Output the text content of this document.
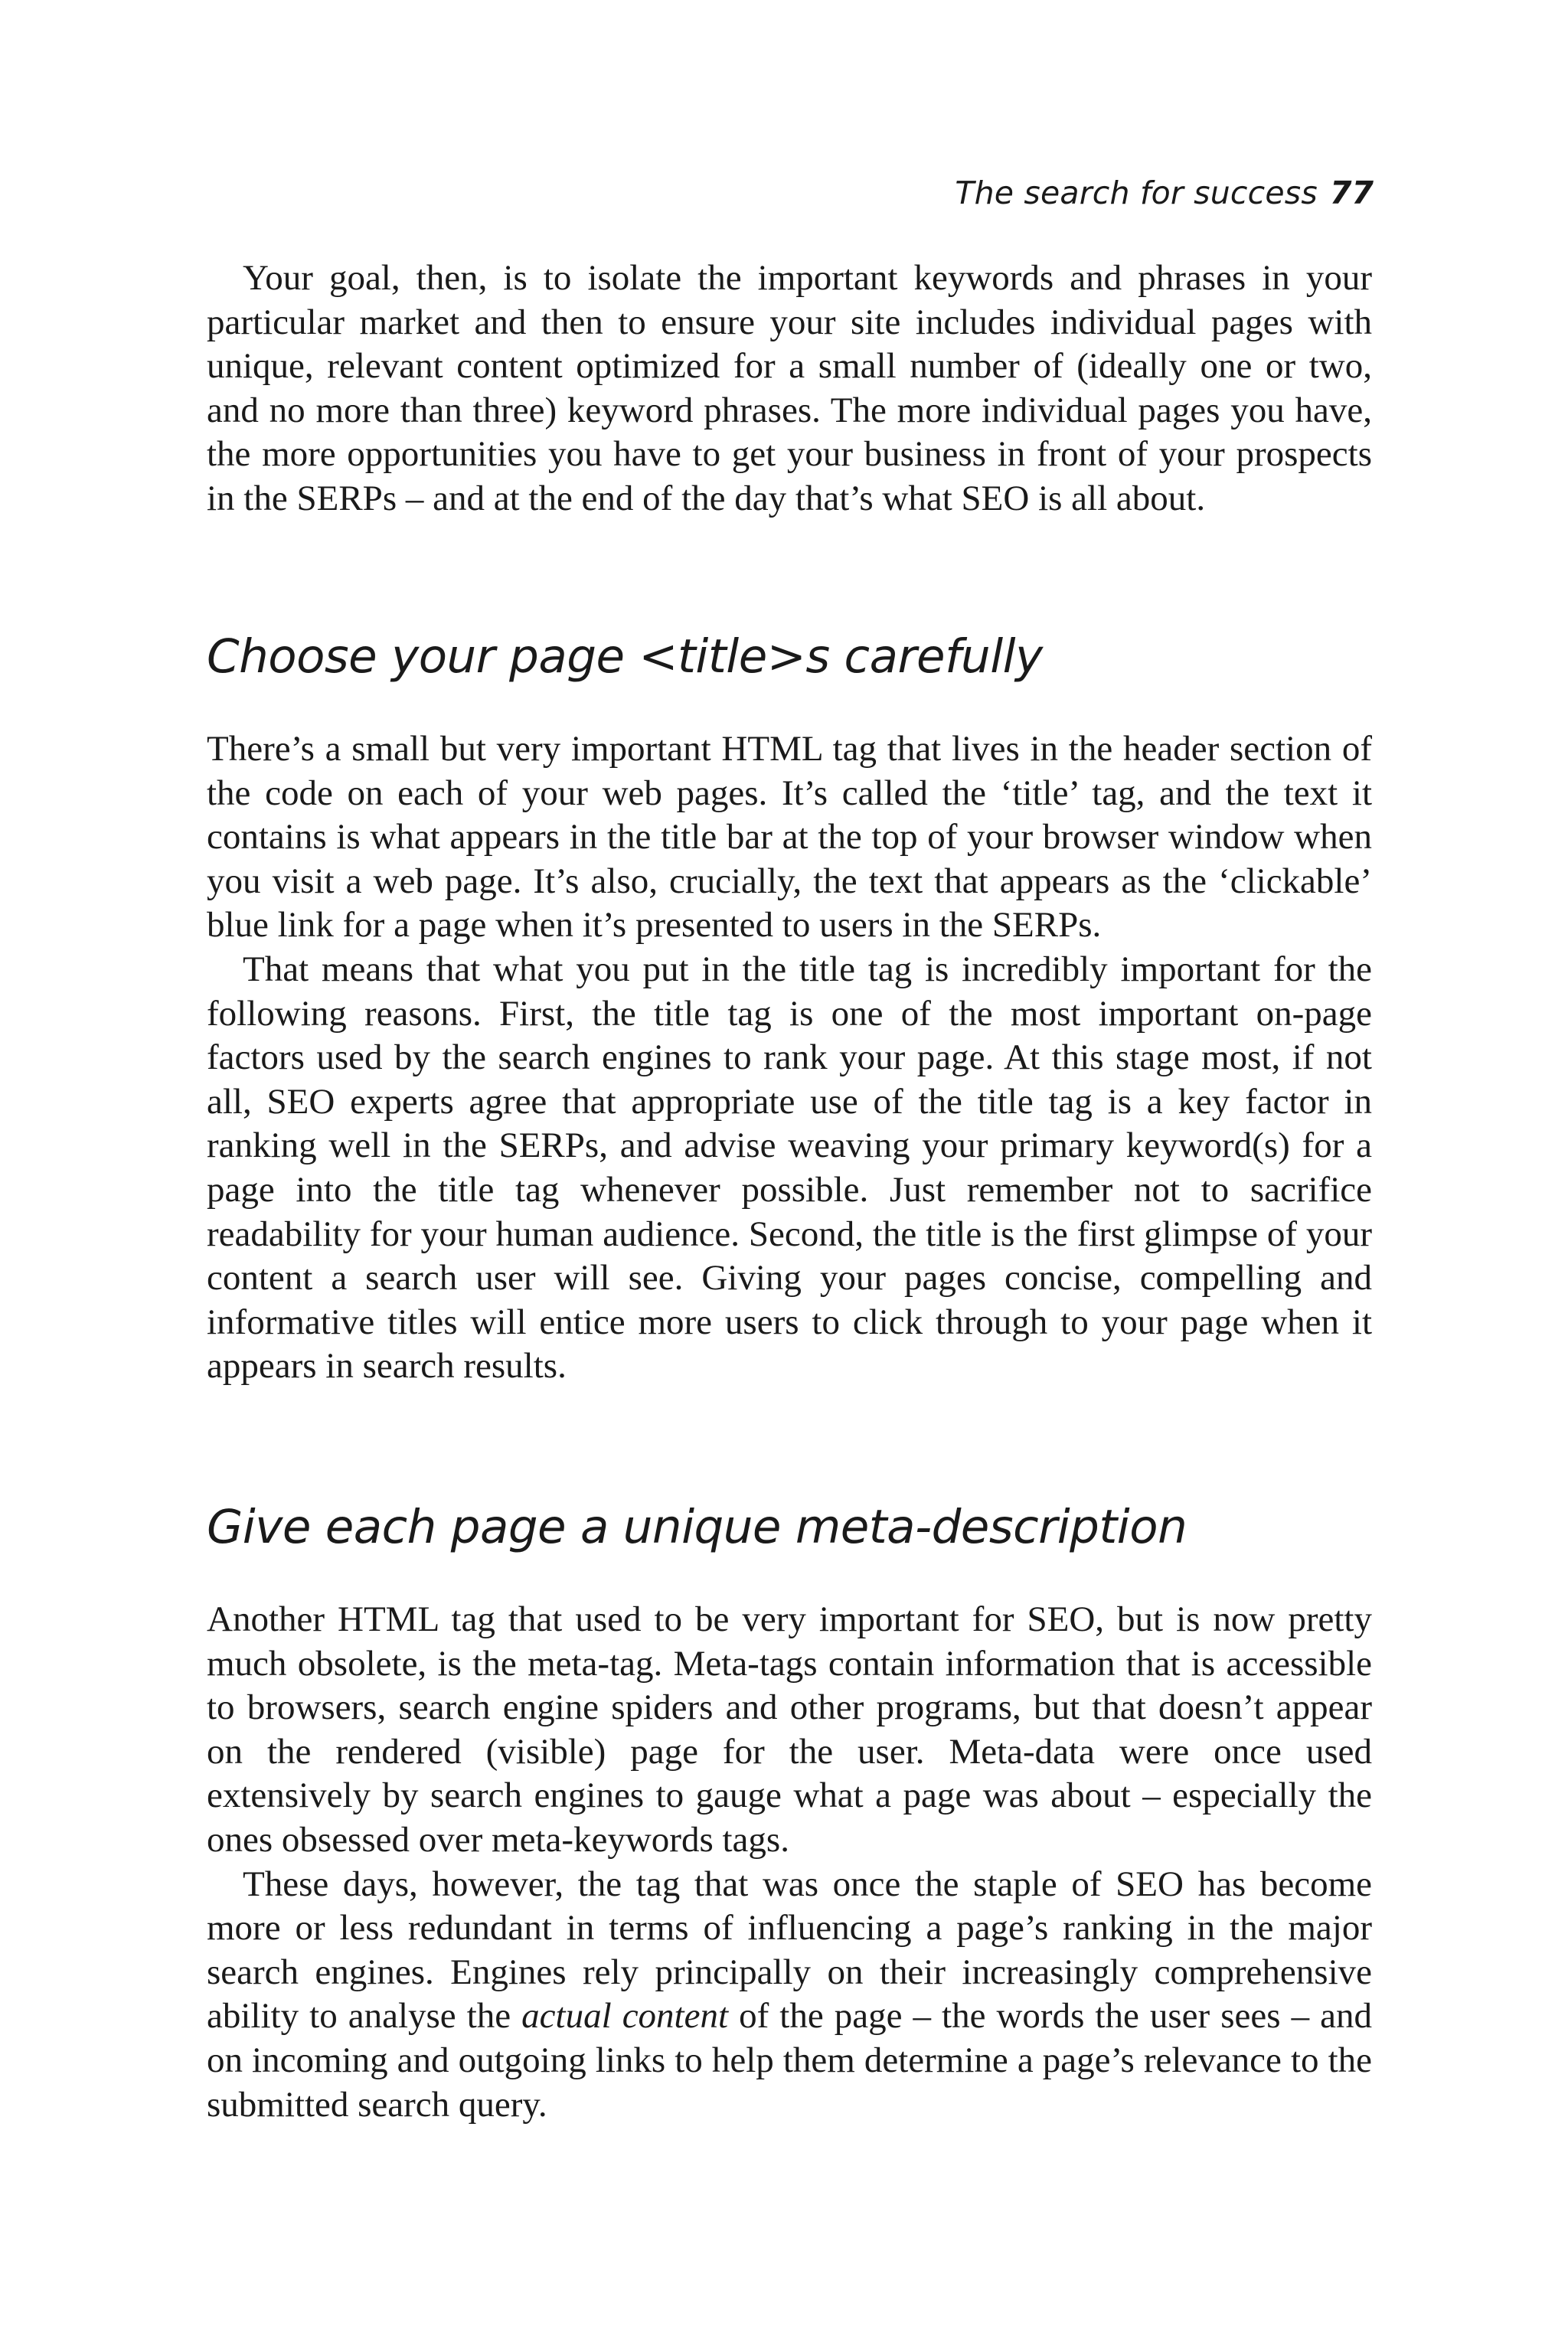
The search for success 77

Your goal, then, is to isolate the important keywords and phrases in your particular market and then to ensure your site includes individual pages with unique, relevant content optimized for a small number of (ideally one or two, and no more than three) keyword phrases. The more individual pages you have, the more opportunities you have to get your business in front of your prospects in the SERPs – and at the end of the day that’s what SEO is all about.

Choose your page <title>s carefully

There’s a small but very important HTML tag that lives in the header section of the code on each of your web pages. It’s called the ‘title’ tag, and the text it contains is what appears in the title bar at the top of your browser window when you visit a web page. It’s also, crucially, the text that appears as the ‘clickable’ blue link for a page when it’s presented to users in the SERPs.

That means that what you put in the title tag is incredibly important for the following reasons. First, the title tag is one of the most important on-page factors used by the search engines to rank your page. At this stage most, if not all, SEO experts agree that appropriate use of the title tag is a key factor in ranking well in the SERPs, and advise weaving your primary keyword(s) for a page into the title tag whenever possible. Just remember not to sacrifice readability for your human audience. Second, the title is the first glimpse of your content a search user will see. Giving your pages concise, compelling and informative titles will entice more users to click through to your page when it appears in search results.

Give each page a unique meta-description

Another HTML tag that used to be very important for SEO, but is now pretty much obsolete, is the meta-tag. Meta-tags contain information that is accessible to browsers, search engine spiders and other programs, but that doesn’t appear on the rendered (visible) page for the user. Meta-data were once used extensively by search engines to gauge what a page was about – especially the ones obsessed over meta-keywords tags.

These days, however, the tag that was once the staple of SEO has become more or less redundant in terms of influencing a page’s ranking in the major search engines. Engines rely principally on their increasingly comprehensive ability to analyse the actual content of the page – the words the user sees – and on incoming and outgoing links to help them determine a page’s relevance to the submitted search query.
